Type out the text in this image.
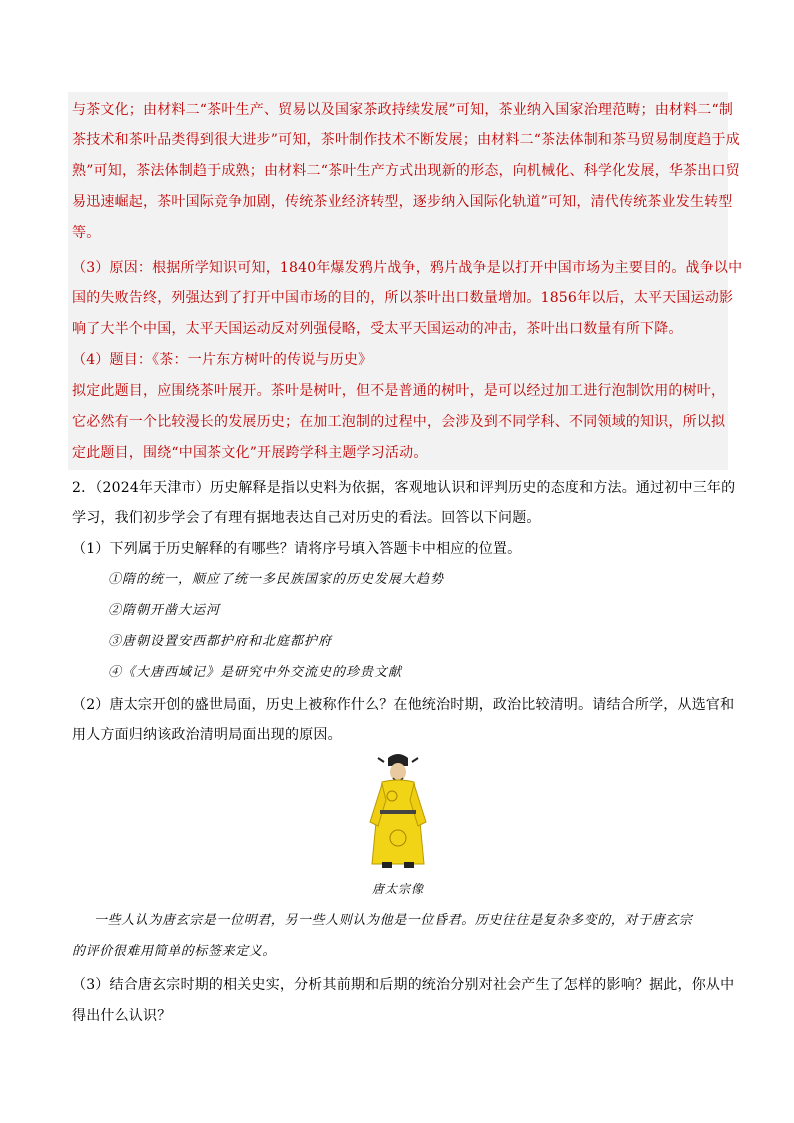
与茶文化；由材料二“茶叶生产、贸易以及国家茶政持续发展”可知，茶业纳入国家治理范畴；由材料二“制
茶技术和茶叶品类得到很大进步”可知，茶叶制作技术不断发展；由材料二“茶法体制和茶马贸易制度趋于成
熟”可知，茶法体制趋于成熟；由材料二“茶叶生产方式出现新的形态，向机械化、科学化发展，华茶出口贸
易迅速崛起，茶叶国际竞争加剧，传统茶业经济转型，逐步纳入国际化轨道”可知，清代传统茶业发生转型
等。
（3）原因：根据所学知识可知，1840年爆发鸦片战争，鸦片战争是以打开中国市场为主要目的。战争以中
国的失败告终，列强达到了打开中国市场的目的，所以茶叶出口数量增加。1856年以后，太平天国运动影
响了大半个中国，太平天国运动反对列强侵略，受太平天国运动的冲击，茶叶出口数量有所下降。
（4）题目：《茶：一片东方树叶的传说与历史》
拟定此题目，应围绕茶叶展开。茶叶是树叶，但不是普通的树叶，是可以经过加工进行泡制饮用的树叶，
它必然有一个比较漫长的发展历史；在加工泡制的过程中，会涉及到不同学科、不同领域的知识，所以拟
定此题目，围绕“中国茶文化”开展跨学科主题学习活动。
2．（2024年天津市）历史解释是指以史料为依据，客观地认识和评判历史的态度和方法。通过初中三年的
学习，我们初步学会了有理有据地表达自己对历史的看法。回答以下问题。
（1）下列属于历史解释的有哪些？请将序号填入答题卡中相应的位置。
①隋的统一，顺应了统一多民族国家的历史发展大趋势
②隋朝开凿大运河
③唐朝设置安西都护府和北庭都护府
④《大唐西域记》是研究中外交流史的珍贵文献
（2）唐太宗开创的盛世局面，历史上被称作什么？在他统治时期，政治比较清明。请结合所学，从选官和
用人方面归纳该政治清明局面出现的原因。
唐太宗像
一些人认为唐玄宗是一位明君，另一些人则认为他是一位昏君。历史往往是复杂多变的，对于唐玄宗
的评价很难用简单的标签来定义。
（3）结合唐玄宗时期的相关史实，分析其前期和后期的统治分别对社会产生了怎样的影响？据此，你从中
得出什么认识？
